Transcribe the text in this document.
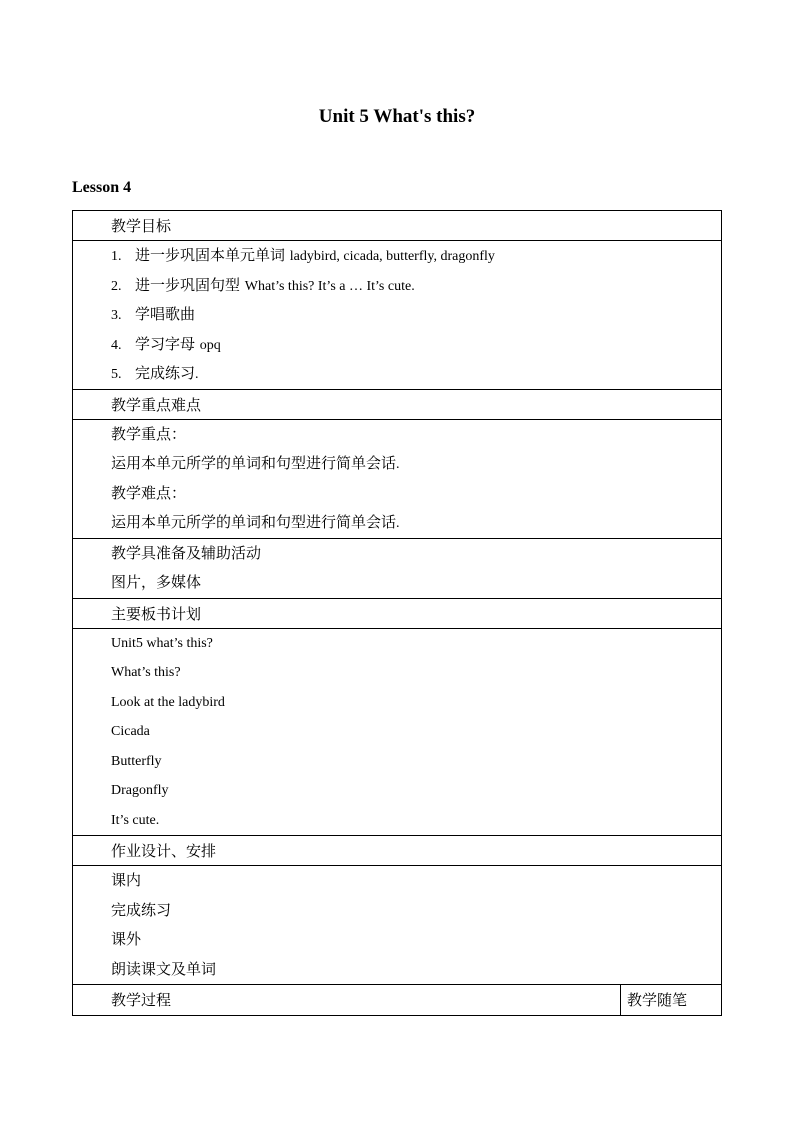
Unit 5 What's this?
Lesson 4
教学目标
1. 进一步巩固本单元单词 ladybird, cicada, butterfly, dragonfly
2. 进一步巩固句型 What’s this? It’s a … It’s cute.
3. 学唱歌曲
4. 学习字母 opq
5. 完成练习.
教学重点难点
教学重点：
运用本单元所学的单词和句型进行简单会话.
教学难点：
运用本单元所学的单词和句型进行简单会话.
教学具准备及辅助活动
图片，多媒体
主要板书计划
Unit5 what’s this?
What’s this?
Look at the ladybird
Cicada
Butterfly
Dragonfly
It’s cute.
作业设计、安排
课内
完成练习
课外
朗读课文及单词
教学过程	教学随笔
